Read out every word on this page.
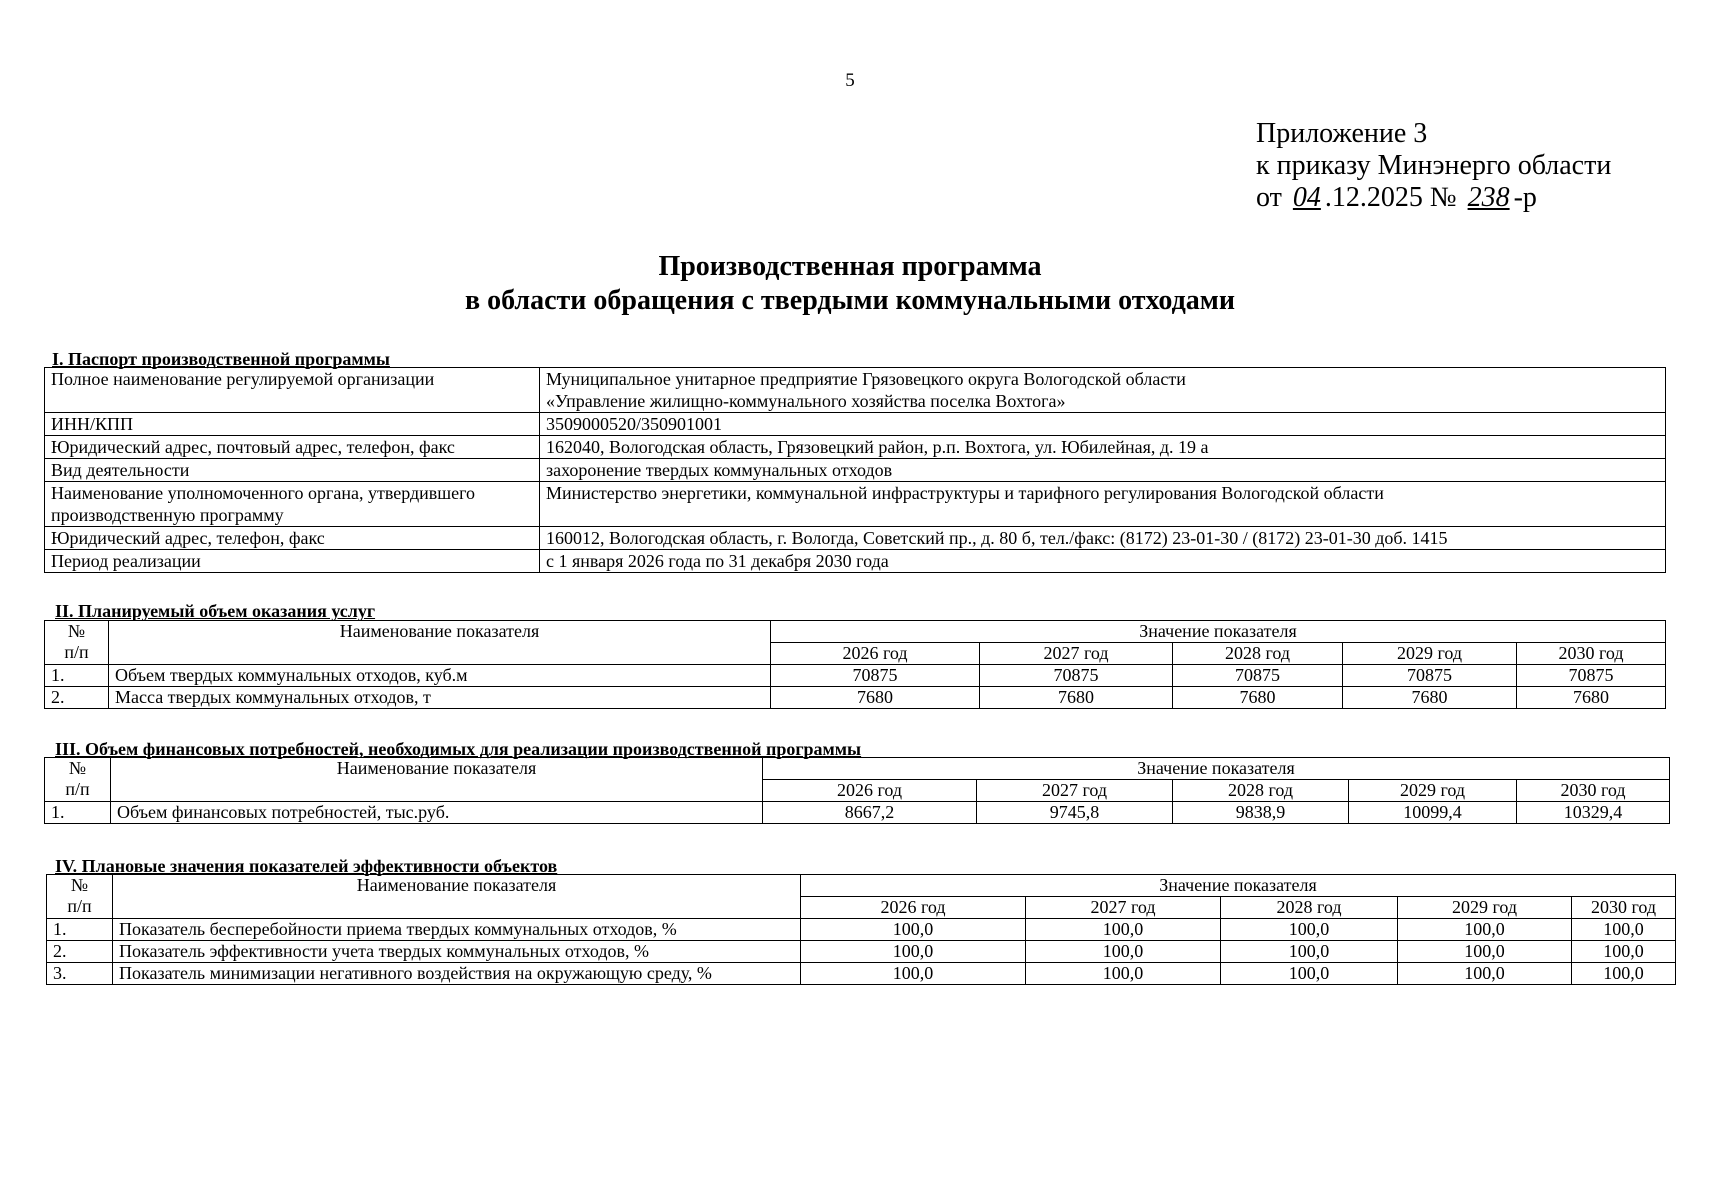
5
Приложение 3
к приказу Минэнерго области
от 04 .12.2025 № 238 -р
Производственная программа
в области обращения с твердыми коммунальными отходами
I. Паспорт производственной программы
Полное наименование регулируемой организации	Муниципальное унитарное предприятие Грязовецкого округа Вологодской области
«Управление жилищно-коммунального хозяйства поселка Вохтога»

ИНН/КПП	3509000520/350901001
Юридический адрес, почтовый адрес, телефон, факс	162040, Вологодская область, Грязовецкий район, р.п. Вохтога, ул. Юбилейная, д. 19 а
Вид деятельности	захоронение твердых коммунальных отходов

Наименование уполномоченного органа, утвердившего
производственную программу	Министерство энергетики, коммунальной инфраструктуры и тарифного регулирования Вологодской области
Юридический адрес, телефон, факс	160012, Вологодская область, г. Вологда, Советский пр., д. 80 б, тел./факс: (8172) 23-01-30 / (8172) 23-01-30 доб. 1415
Период реализации	с 1 января 2026 года по 31 декабря 2030 года
II. Планируемый объем оказания услуг
№
п/п	Наименование показателя	Значение показателя				
		2026 год	2027 год	2028 год	2029 год	2030 год
1.	Объем твердых коммунальных отходов, куб.м	70875	70875	70875	70875	70875
2.	Масса твердых коммунальных отходов, т	7680	7680	7680	7680	7680
III. Объем финансовых потребностей, необходимых для реализации производственной программы
№
п/п	Наименование показателя	Значение показателя				
		2026 год	2027 год	2028 год	2029 год	2030 год
1.	Объем финансовых потребностей, тыс.руб.	8667,2	9745,8	9838,9	10099,4	10329,4
IV. Плановые значения показателей эффективности объектов
№
п/п	Наименование показателя	Значение показателя				
		2026 год	2027 год	2028 год	2029 год	2030 год
1.	Показатель бесперебойности приема твердых коммунальных отходов, %	100,0	100,0	100,0	100,0	100,0
2.	Показатель эффективности учета твердых коммунальных отходов, %	100,0	100,0	100,0	100,0	100,0
3.	Показатель минимизации негативного воздействия на окружающую среду, %	100,0	100,0	100,0	100,0	100,0
